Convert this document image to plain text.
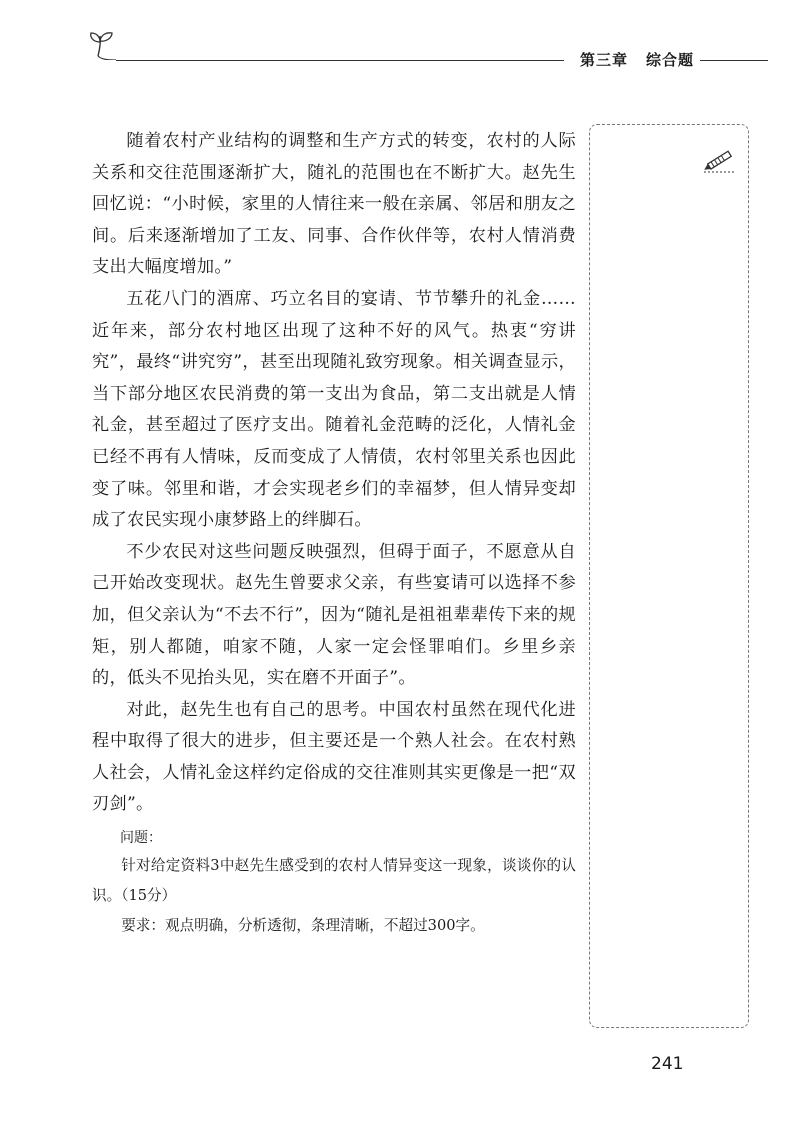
第三章 综合题

随着农村产业结构的调整和生产方式的转变，农村的人际关系和交往范围逐渐扩大，随礼的范围也在不断扩大。赵先生回忆说：“小时候，家里的人情往来一般在亲属、邻居和朋友之间。后来逐渐增加了工友、同事、合作伙伴等，农村人情消费支出大幅度增加。”

五花八门的酒席、巧立名目的宴请、节节攀升的礼金……近年来，部分农村地区出现了这种不好的风气。热衷“穷讲究”，最终“讲究穷”，甚至出现随礼致穷现象。相关调查显示，当下部分地区农民消费的第一支出为食品，第二支出就是人情礼金，甚至超过了医疗支出。随着礼金范畴的泛化，人情礼金已经不再有人情味，反而变成了人情债，农村邻里关系也因此变了味。邻里和谐，才会实现老乡们的幸福梦，但人情异变却成了农民实现小康梦路上的绊脚石。

不少农民对这些问题反映强烈，但碍于面子，不愿意从自己开始改变现状。赵先生曾要求父亲，有些宴请可以选择不参加，但父亲认为“不去不行”，因为“随礼是祖祖辈辈传下来的规矩，别人都随，咱家不随，人家一定会怪罪咱们。乡里乡亲的，低头不见抬头见，实在磨不开面子”。

对此，赵先生也有自己的思考。中国农村虽然在现代化进程中取得了很大的进步，但主要还是一个熟人社会。在农村熟人社会，人情礼金这样约定俗成的交往准则其实更像是一把“双刃剑”。

问题：

针对给定资料3中赵先生感受到的农村人情异变这一现象，谈谈你的认识。（15分）

要求：观点明确，分析透彻，条理清晰，不超过300字。

241
